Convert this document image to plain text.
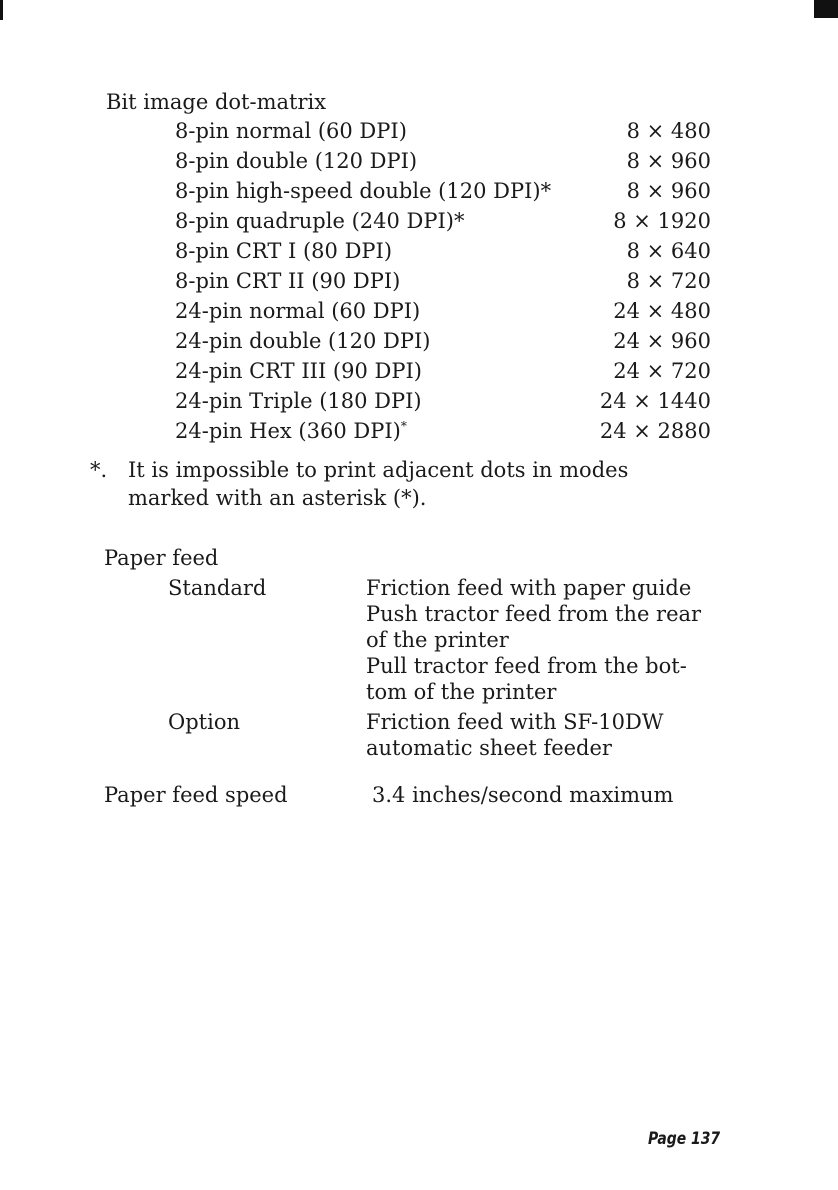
Bit image dot-matrix
8-pin normal (60 DPI)	8 × 480
8-pin double (120 DPI)	8 × 960
8-pin high-speed double (120 DPI)*	8 × 960
8-pin quadruple (240 DPI)*	8 × 1920
8-pin CRT I (80 DPI)	8 × 640
8-pin CRT II (90 DPI)	8 × 720
24-pin normal (60 DPI)	24 × 480
24-pin double (120 DPI)	24 × 960
24-pin CRT III (90 DPI)	24 × 720
24-pin Triple (180 DPI)	24 × 1440
24-pin Hex (360 DPI)*	24 × 2880
*. It is impossible to print adjacent dots in modes
marked with an asterisk (*).
Paper feed
Standard	Friction feed with paper guide
Push tractor feed from the rear
of the printer
Pull tractor feed from the bot-
tom of the printer
Option	Friction feed with SF-10DW
automatic sheet feeder
Paper feed speed	3.4 inches/second maximum
Page 137
